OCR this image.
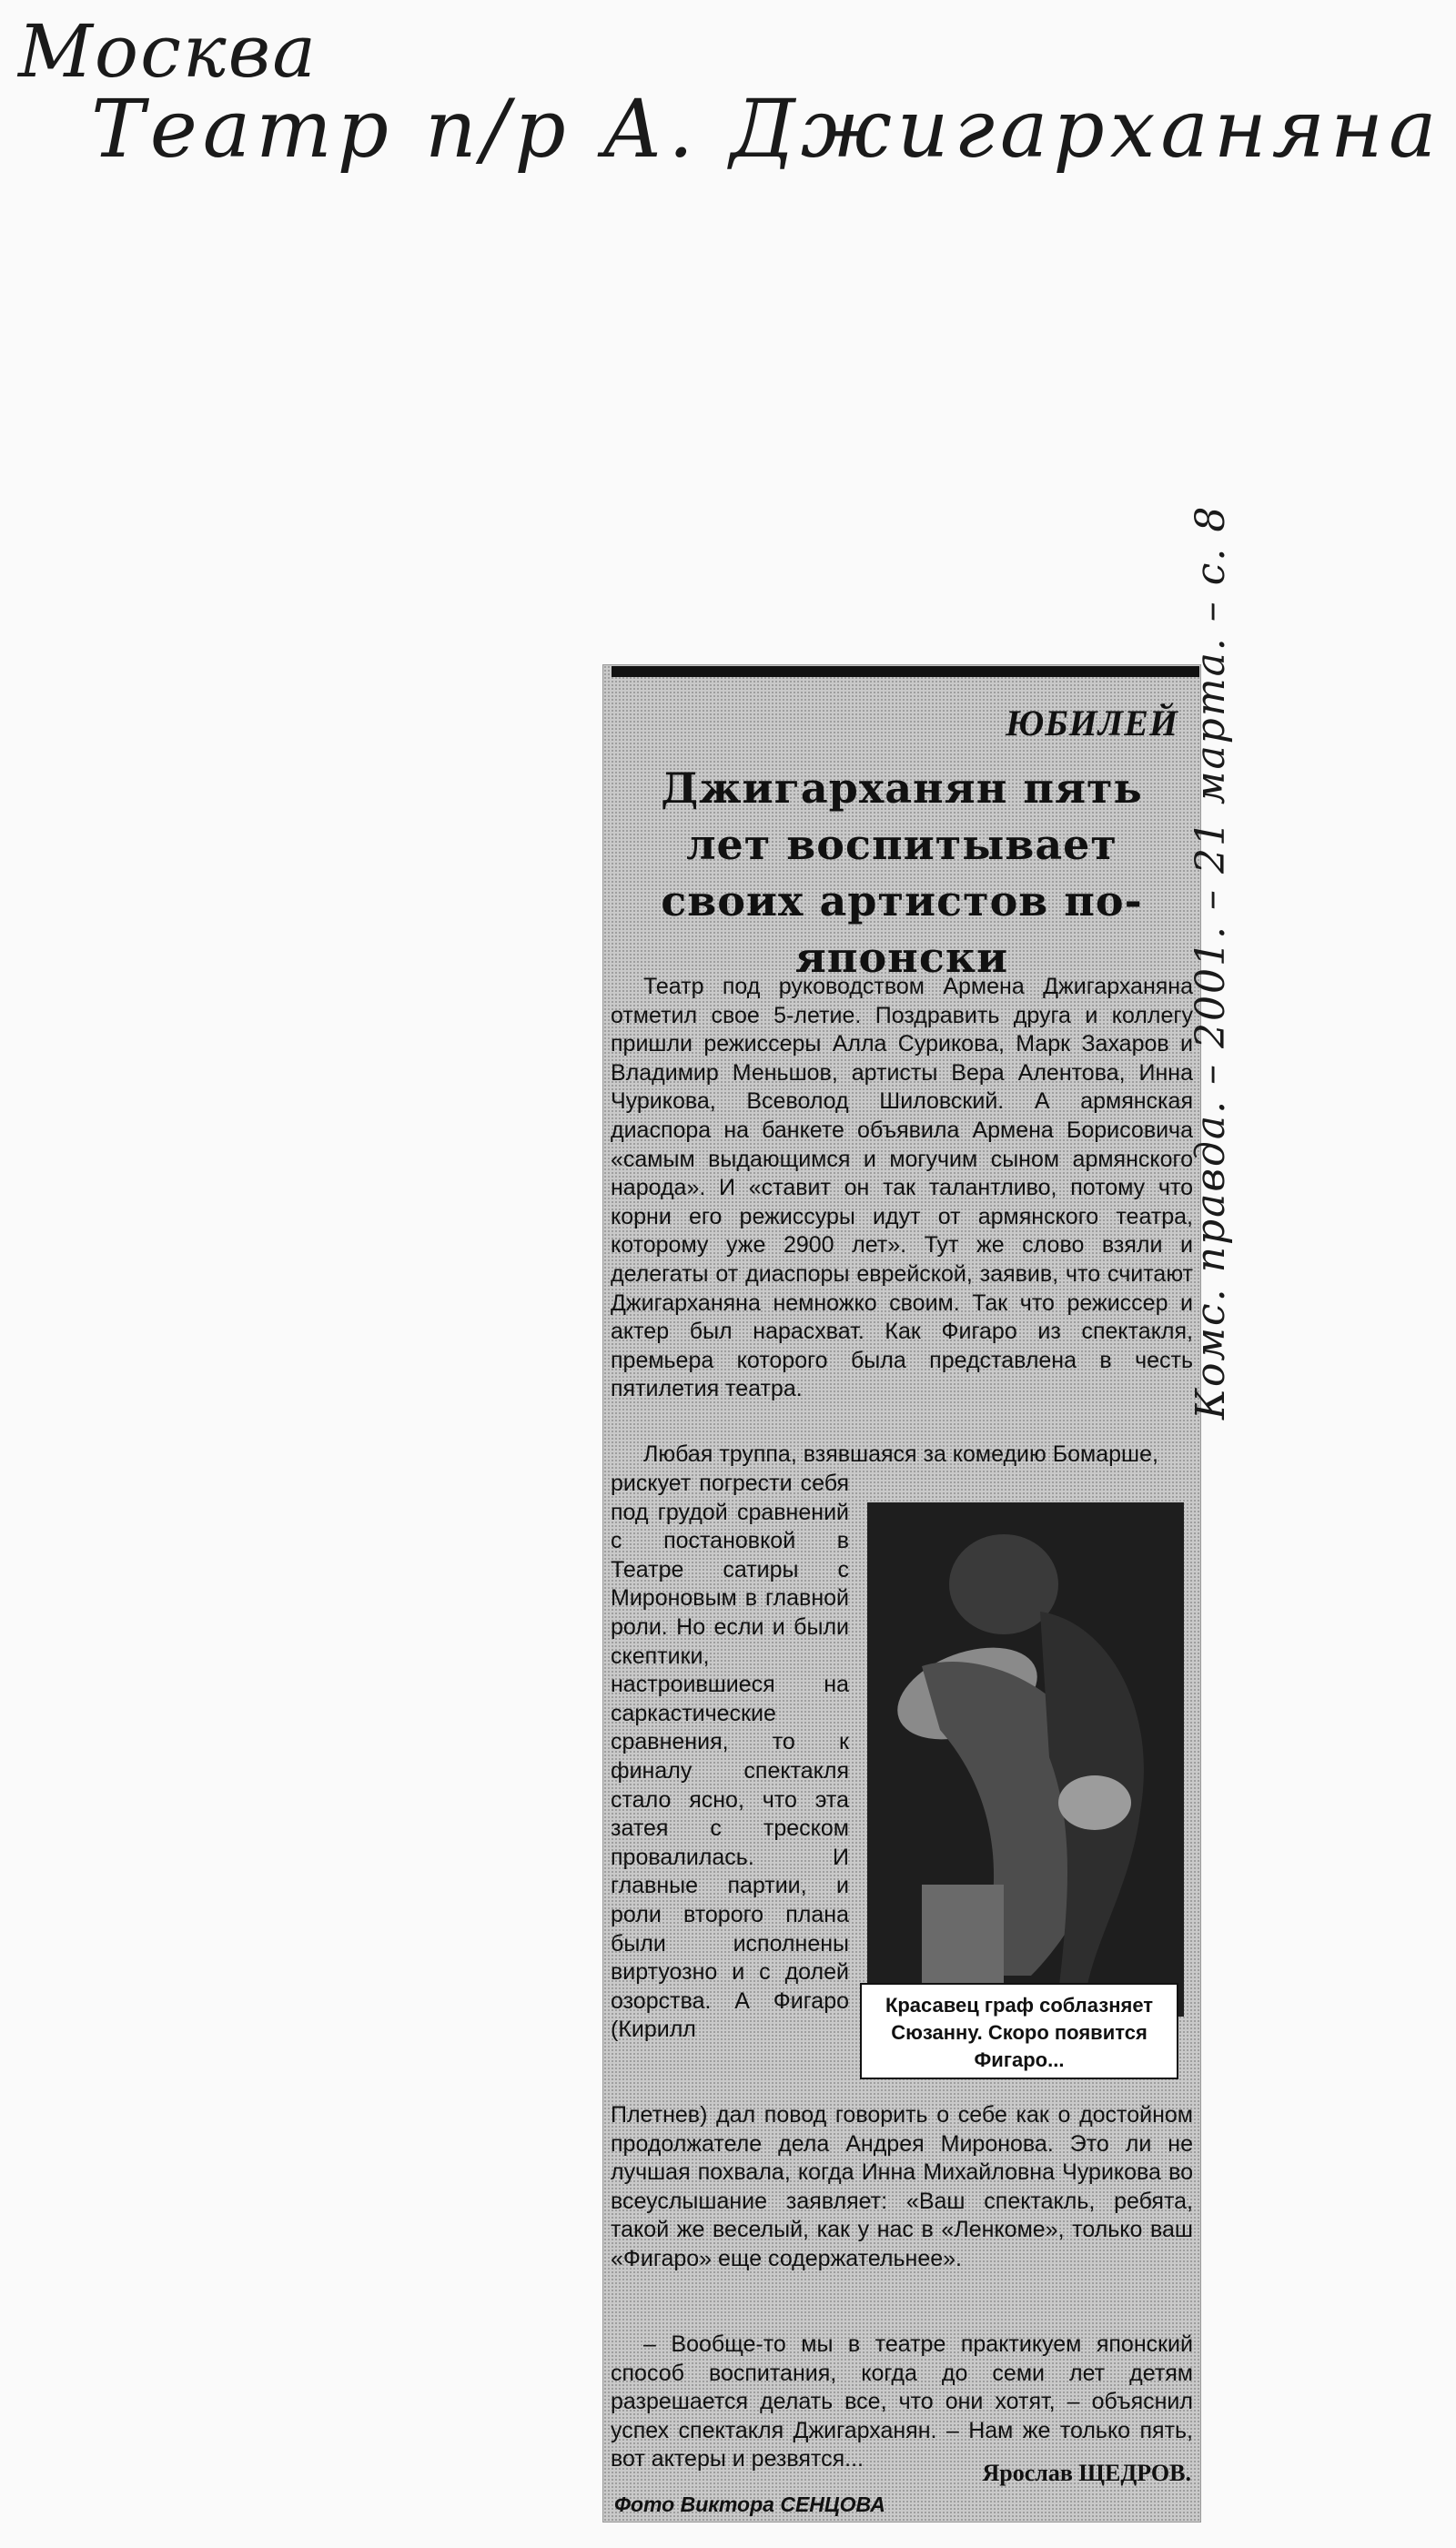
Москва
Театр п/р А. Джигарханяна
ЮБИЛЕЙ
Джигарханян пять лет воспитывает своих артистов по-японски

Театр под руководством Армена Джигарханяна отметил свое 5-летие. Поздравить друга и коллегу пришли режиссеры Алла Сурикова, Марк Захаров и Владимир Меньшов, артисты Вера Алентова, Инна Чурикова, Всеволод Шиловский. А армянская диаспора на банкете объявила Армена Борисовича «самым выдающимся и могучим сыном армянского народа». И «ставит он так талантливо, потому что корни его режиссуры идут от армянского театра, которому уже 2900 лет». Тут же слово взяли и делегаты от диаспоры еврейской, заявив, что считают Джигарханяна немножко своим. Так что режиссер и актер был нарасхват. Как Фигаро из спектакля, премьера которого была представлена в честь пятилетия театра.

Любая труппа, взявшаяся за комедию Бомарше,

рискует погрести себя под грудой сравнений с постановкой в Театре сатиры с Мироновым в главной роли. Но если и были скептики, настроившиеся на саркастические сравнения, то к финалу спектакля стало ясно, что эта затея с треском провалилась. И главные партии, и роли второго плана были исполнены виртуозно и с долей озорства. А Фигаро (Кирилл

Красавец граф соблазняет Сюзанну. Скоро появится Фигаро...

Плетнев) дал повод говорить о себе как о достойном продолжателе дела Андрея Миронова. Это ли не лучшая похвала, когда Инна Михайловна Чурикова во всеуслышание заявляет: «Ваш спектакль, ребята, такой же веселый, как у нас в «Ленкоме», только ваш «Фигаро» еще содержательнее».

– Вообще-то мы в театре практикуем японский способ воспитания, когда до семи лет детям разрешается делать все, что они хотят, – объяснил успех спектакля Джигарханян. – Нам же только пять, вот актеры и резвятся...

Ярослав ЩЕДРОВ.
Фото Виктора СЕНЦОВА
Комс. правда. – 2001. – 21 марта. – с. 8
